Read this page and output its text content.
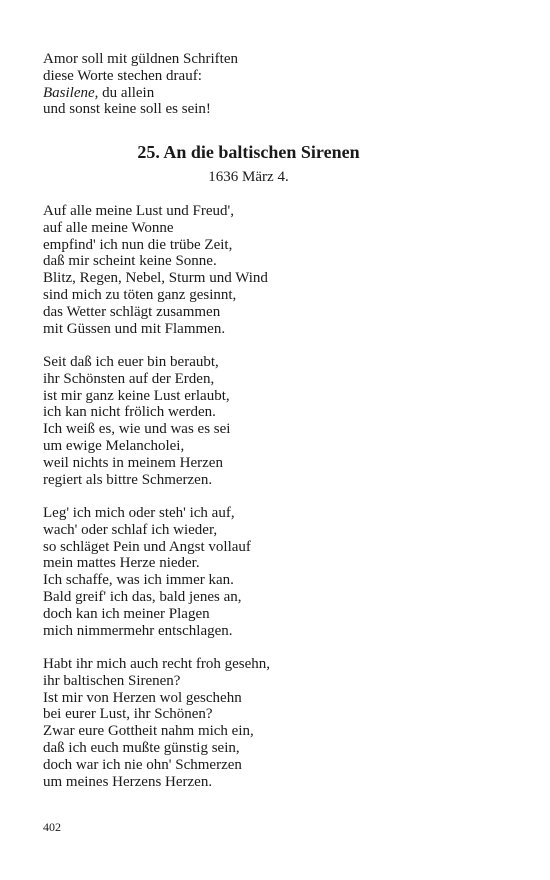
Amor soll mit güldnen Schriften
diese Worte stechen drauf:
Basilene, du allein
und sonst keine soll es sein!
25. An die baltischen Sirenen
1636 März 4.
Auf alle meine Lust und Freud',
auf alle meine Wonne
empfind' ich nun die trübe Zeit,
daß mir scheint keine Sonne.
Blitz, Regen, Nebel, Sturm und Wind
sind mich zu töten ganz gesinnt,
das Wetter schlägt zusammen
mit Güssen und mit Flammen.
Seit daß ich euer bin beraubt,
ihr Schönsten auf der Erden,
ist mir ganz keine Lust erlaubt,
ich kan nicht frölich werden.
Ich weiß es, wie und was es sei
um ewige Melancholei,
weil nichts in meinem Herzen
regiert als bittre Schmerzen.
Leg' ich mich oder steh' ich auf,
wach' oder schlaf ich wieder,
so schläget Pein und Angst vollauf
mein mattes Herze nieder.
Ich schaffe, was ich immer kan.
Bald greif' ich das, bald jenes an,
doch kan ich meiner Plagen
mich nimmermehr entschlagen.
Habt ihr mich auch recht froh gesehn,
ihr baltischen Sirenen?
Ist mir von Herzen wol geschehn
bei eurer Lust, ihr Schönen?
Zwar eure Gottheit nahm mich ein,
daß ich euch mußte günstig sein,
doch war ich nie ohn' Schmerzen
um meines Herzens Herzen.
402
